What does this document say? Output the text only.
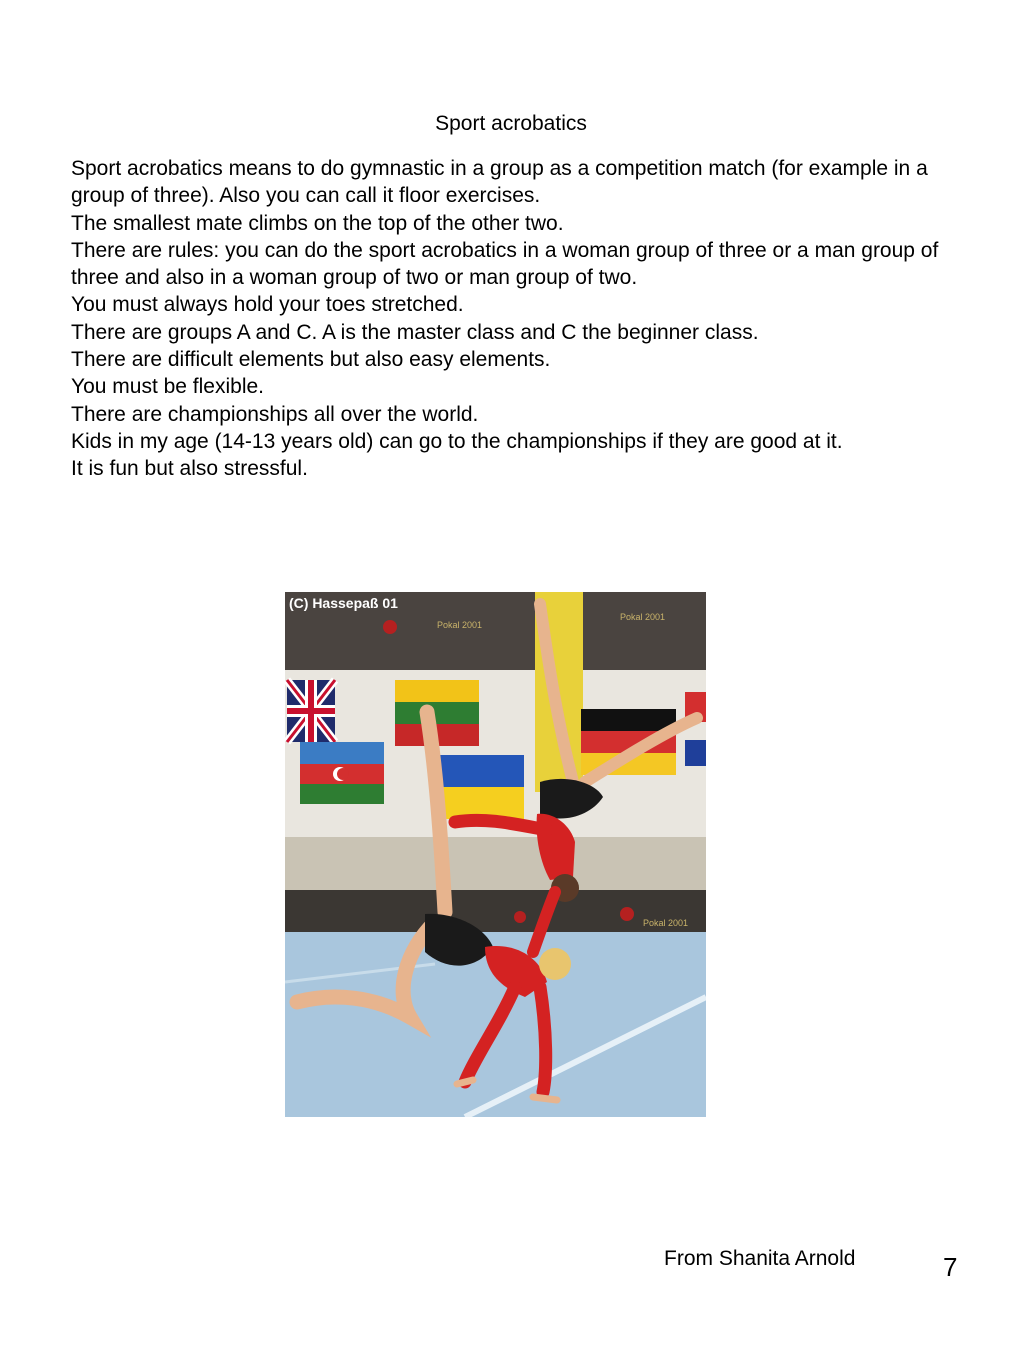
Sport acrobatics

Sport acrobatics means to do gymnastic in a group as a competition match (for example in a group of three). Also you can call it floor exercises.

The smallest mate climbs on the top of the other two.

There are rules: you can do the sport acrobatics in a woman group of three or a man group of three and also in a woman group of two or man group of two.

You must always hold your toes stretched.

There are groups A and C. A is the master class and C the beginner class.

There are difficult elements but also easy elements.

You must be flexible.

There are championships all over the world.

Kids in my age (14-13 years old) can go to the championships if they are good at it.

It is fun but also stressful.

Pokal 2001
Pokal 2001
Pokal 2001
(C) Hassepaß 01
From Shanita Arnold	7
